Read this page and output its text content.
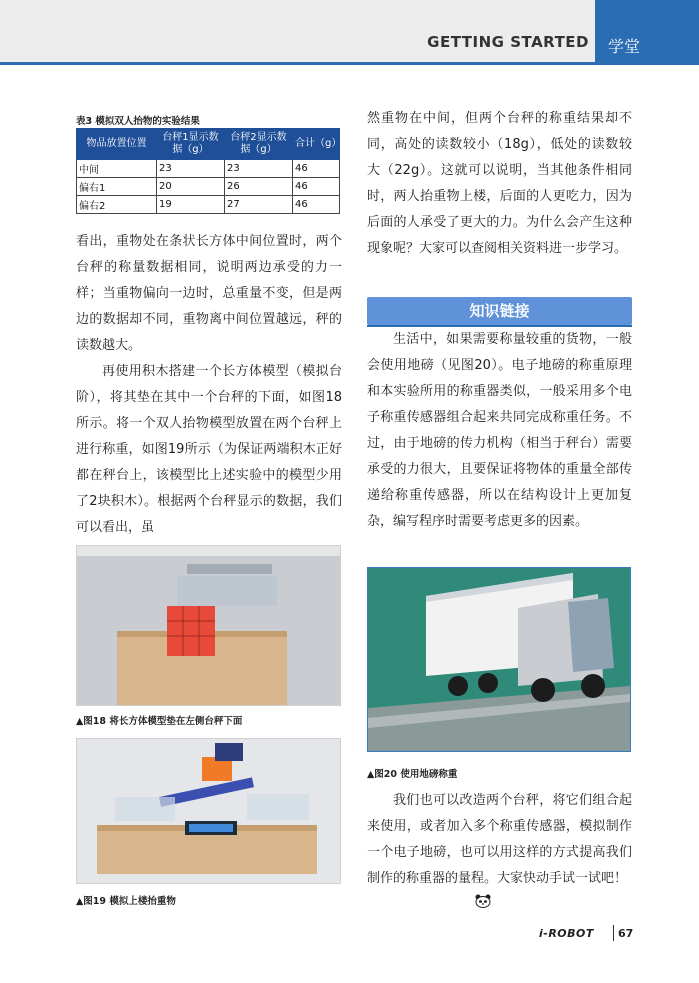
GETTING STARTED	学堂
表3 模拟双人抬物的实验结果
物品放置位置	台秤1显示数据（g）	台秤2显示数据（g）	合计（g）
中间	23	23	46
偏右1	20	26	46
偏右2	19	27	46
看出，重物处在条状长方体中间位置时，两个台秤的称量数据相同，说明两边承受的力一样；当重物偏向一边时，总重量不变，但是两边的数据却不同，重物离中间位置越远，秤的读数越大。
再使用积木搭建一个长方体模型（模拟台阶），将其垫在其中一个台秤的下面，如图18所示。将一个双人抬物模型放置在两个台秤上进行称重，如图19所示（为保证两端积木正好都在秤台上，该模型比上述实验中的模型少用了2块积木）。根据两个台秤显示的数据，我们可以看出，虽
▲图18 将长方体模型垫在左侧台秤下面
▲图19 模拟上楼抬重物
然重物在中间，但两个台秤的称重结果却不同，高处的读数较小（18g），低处的读数较大（22g）。这就可以说明，当其他条件相同时，两人抬重物上楼，后面的人更吃力，因为后面的人承受了更大的力。为什么会产生这种现象呢？大家可以查阅相关资料进一步学习。
知识链接
生活中，如果需要称量较重的货物，一般会使用地磅（见图20）。电子地磅的称重原理和本实验所用的称重器类似，一般采用多个电子称重传感器组合起来共同完成称重任务。不过，由于地磅的传力机构（相当于秤台）需要承受的力很大，且要保证将物体的重量全部传递给称重传感器，所以在结构设计上更加复杂，编写程序时需要考虑更多的因素。
▲图20 使用地磅称重
我们也可以改造两个台秤，将它们组合起来使用，或者加入多个称重传感器，模拟制作一个电子地磅，也可以用这样的方式提高我们制作的称重器的量程。大家快动手试一试吧！
i-ROBOT 67
